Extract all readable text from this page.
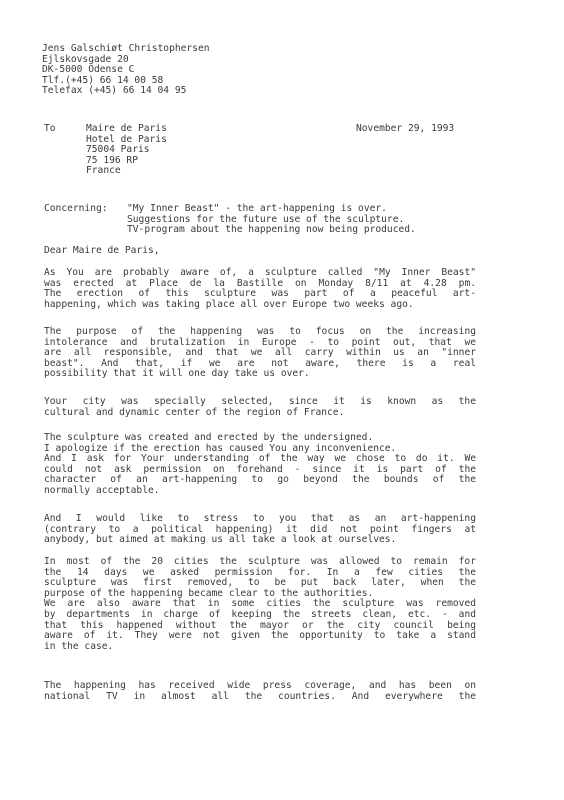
Jens Galschiøt Christophersen

Ejlskovsgade 20

DK-5000 Odense C

Tlf.(+45) 66 14 00 58

Telefax (+45) 66 14 04 95

To	Maire de Paris

Hotel de Paris

75004 Paris

75 196 RP

France

November 29, 1993

Concerning: "My Inner Beast" - the art-happening is over.

Suggestions for the future use of the sculpture.

TV-program about the happening now being produced.

Dear Maire de Paris,

As You are probably aware of, a sculpture called "My Inner Beast"

was erected at Place de la Bastille on Monday 8/11 at 4.28 pm.

The erection of this sculpture was part of a peaceful art-

happening, which was taking place all over Europe two weeks ago.

The purpose of the happening was to focus on the increasing

intolerance and brutalization in Europe - to point out, that we

are all responsible, and that we all carry within us an "inner

beast". And that, if we are not aware, there is a real

possibility that it will one day take us over.

Your city was specially selected, since it is known as the

cultural and dynamic center of the region of France.

The sculpture was created and erected by the undersigned.

I apologize if the erection has caused You any inconvenience.

And I ask for Your understanding of the way we chose to do it. We

could not ask permission on forehand - since it is part of the

character of an art-happening to go beyond the bounds of the

normally acceptable.

And I would like to stress to you that as an art-happening

(contrary to a political happening) it did not point fingers at

anybody, but aimed at making us all take a look at ourselves.

In most of the 20 cities the sculpture was allowed to remain for

the 14 days we asked permission for. In a few cities the

sculpture was first removed, to be put back later, when the

purpose of the happening became clear to the authorities.

We are also aware that in some cities the sculpture was removed

by departments in charge of keeping the streets clean, etc. - and

that this happened without the mayor or the city council being

aware of it. They were not given the opportunity to take a stand

in the case.

The happening has received wide press coverage, and has been on

national TV in almost all the countries. And everywhere the
